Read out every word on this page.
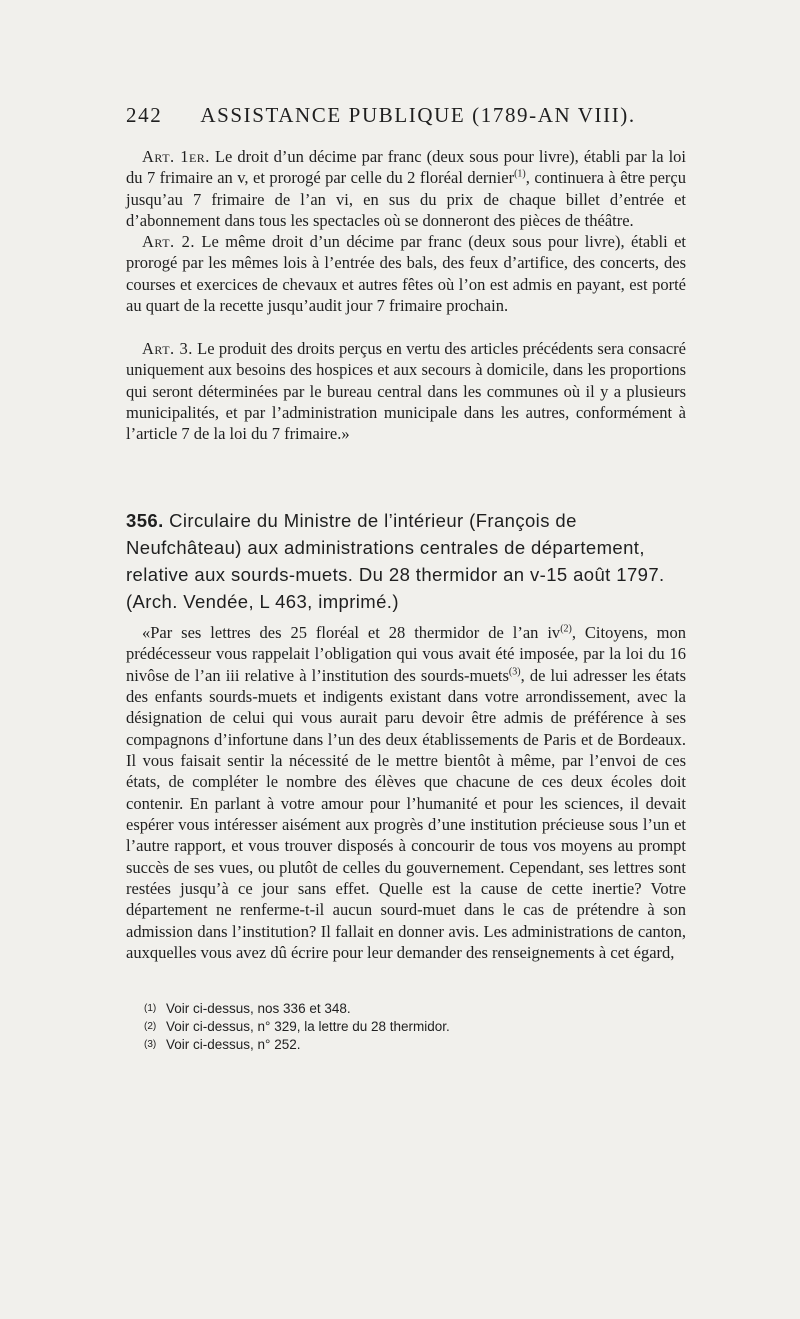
242 ASSISTANCE PUBLIQUE (1789-AN VIII).

Art. 1er. Le droit d’un décime par franc (deux sous pour livre), établi par la loi du 7 frimaire an v, et prorogé par celle du 2 floréal dernier$^{(1)}$, continuera à être perçu jusqu’au 7 frimaire de l’an vi, en sus du prix de chaque billet d’entrée et d’abonnement dans tous les spectacles où se donneront des pièces de théâtre.

Art. 2. Le même droit d’un décime par franc (deux sous pour livre), établi et prorogé par les mêmes lois à l’entrée des bals, des feux d’artifice, des concerts, des courses et exercices de chevaux et autres fêtes où l’on est admis en payant, est porté au quart de la recette jusqu’audit jour 7 frimaire prochain.

Art. 3. Le produit des droits perçus en vertu des articles précédents sera consacré uniquement aux besoins des hospices et aux secours à domicile, dans les proportions qui seront déterminées par le bureau central dans les communes où il y a plusieurs municipalités, et par l’administration municipale dans les autres, conformément à l’article 7 de la loi du 7 frimaire.»

356. Circulaire du Ministre de l’intérieur (François de Neufchâteau) aux administrations centrales de département, relative aux sourds-muets. Du 28 thermidor an v-15 août 1797. (Arch. Vendée, L 463, imprimé.)

«Par ses lettres des 25 floréal et 28 thermidor de l’an $iv^{(2)}$, Citoyens, mon prédécesseur vous rappelait l’obligation qui vous avait été imposée, par la loi du 16 nivôse de l’an iii relative à l’institution des sourds-muets$^{(3)}$, de lui adresser les états des enfants sourds-muets et indigents existant dans votre arrondissement, avec la désignation de celui qui vous aurait paru devoir être admis de préférence à ses compagnons d’infortune dans l’un des deux établissements de Paris et de Bordeaux. Il vous faisait sentir la nécessité de le mettre bientôt à même, par l’envoi de ces états, de compléter le nombre des élèves que chacune de ces deux écoles doit contenir. En parlant à votre amour pour l’humanité et pour les sciences, il devait espérer vous intéresser aisément aux progrès d’une institution précieuse sous l’un et l’autre rapport, et vous trouver disposés à concourir de tous vos moyens au prompt succès de ses vues, ou plutôt de celles du gouvernement. Cependant, ses lettres sont restées jusqu’à ce jour sans effet. Quelle est la cause de cette inertie? Votre département ne renferme-t-il aucun sourd-muet dans le cas de prétendre à son admission dans l’institution? Il fallait en donner avis. Les administrations de canton, auxquelles vous avez dû écrire pour leur demander des renseignements à cet égard,

(1) Voir ci-dessus, nos 336 et 348.
(2) Voir ci-dessus, n° 329, la lettre du 28 thermidor.
(3) Voir ci-dessus, n° 252.
